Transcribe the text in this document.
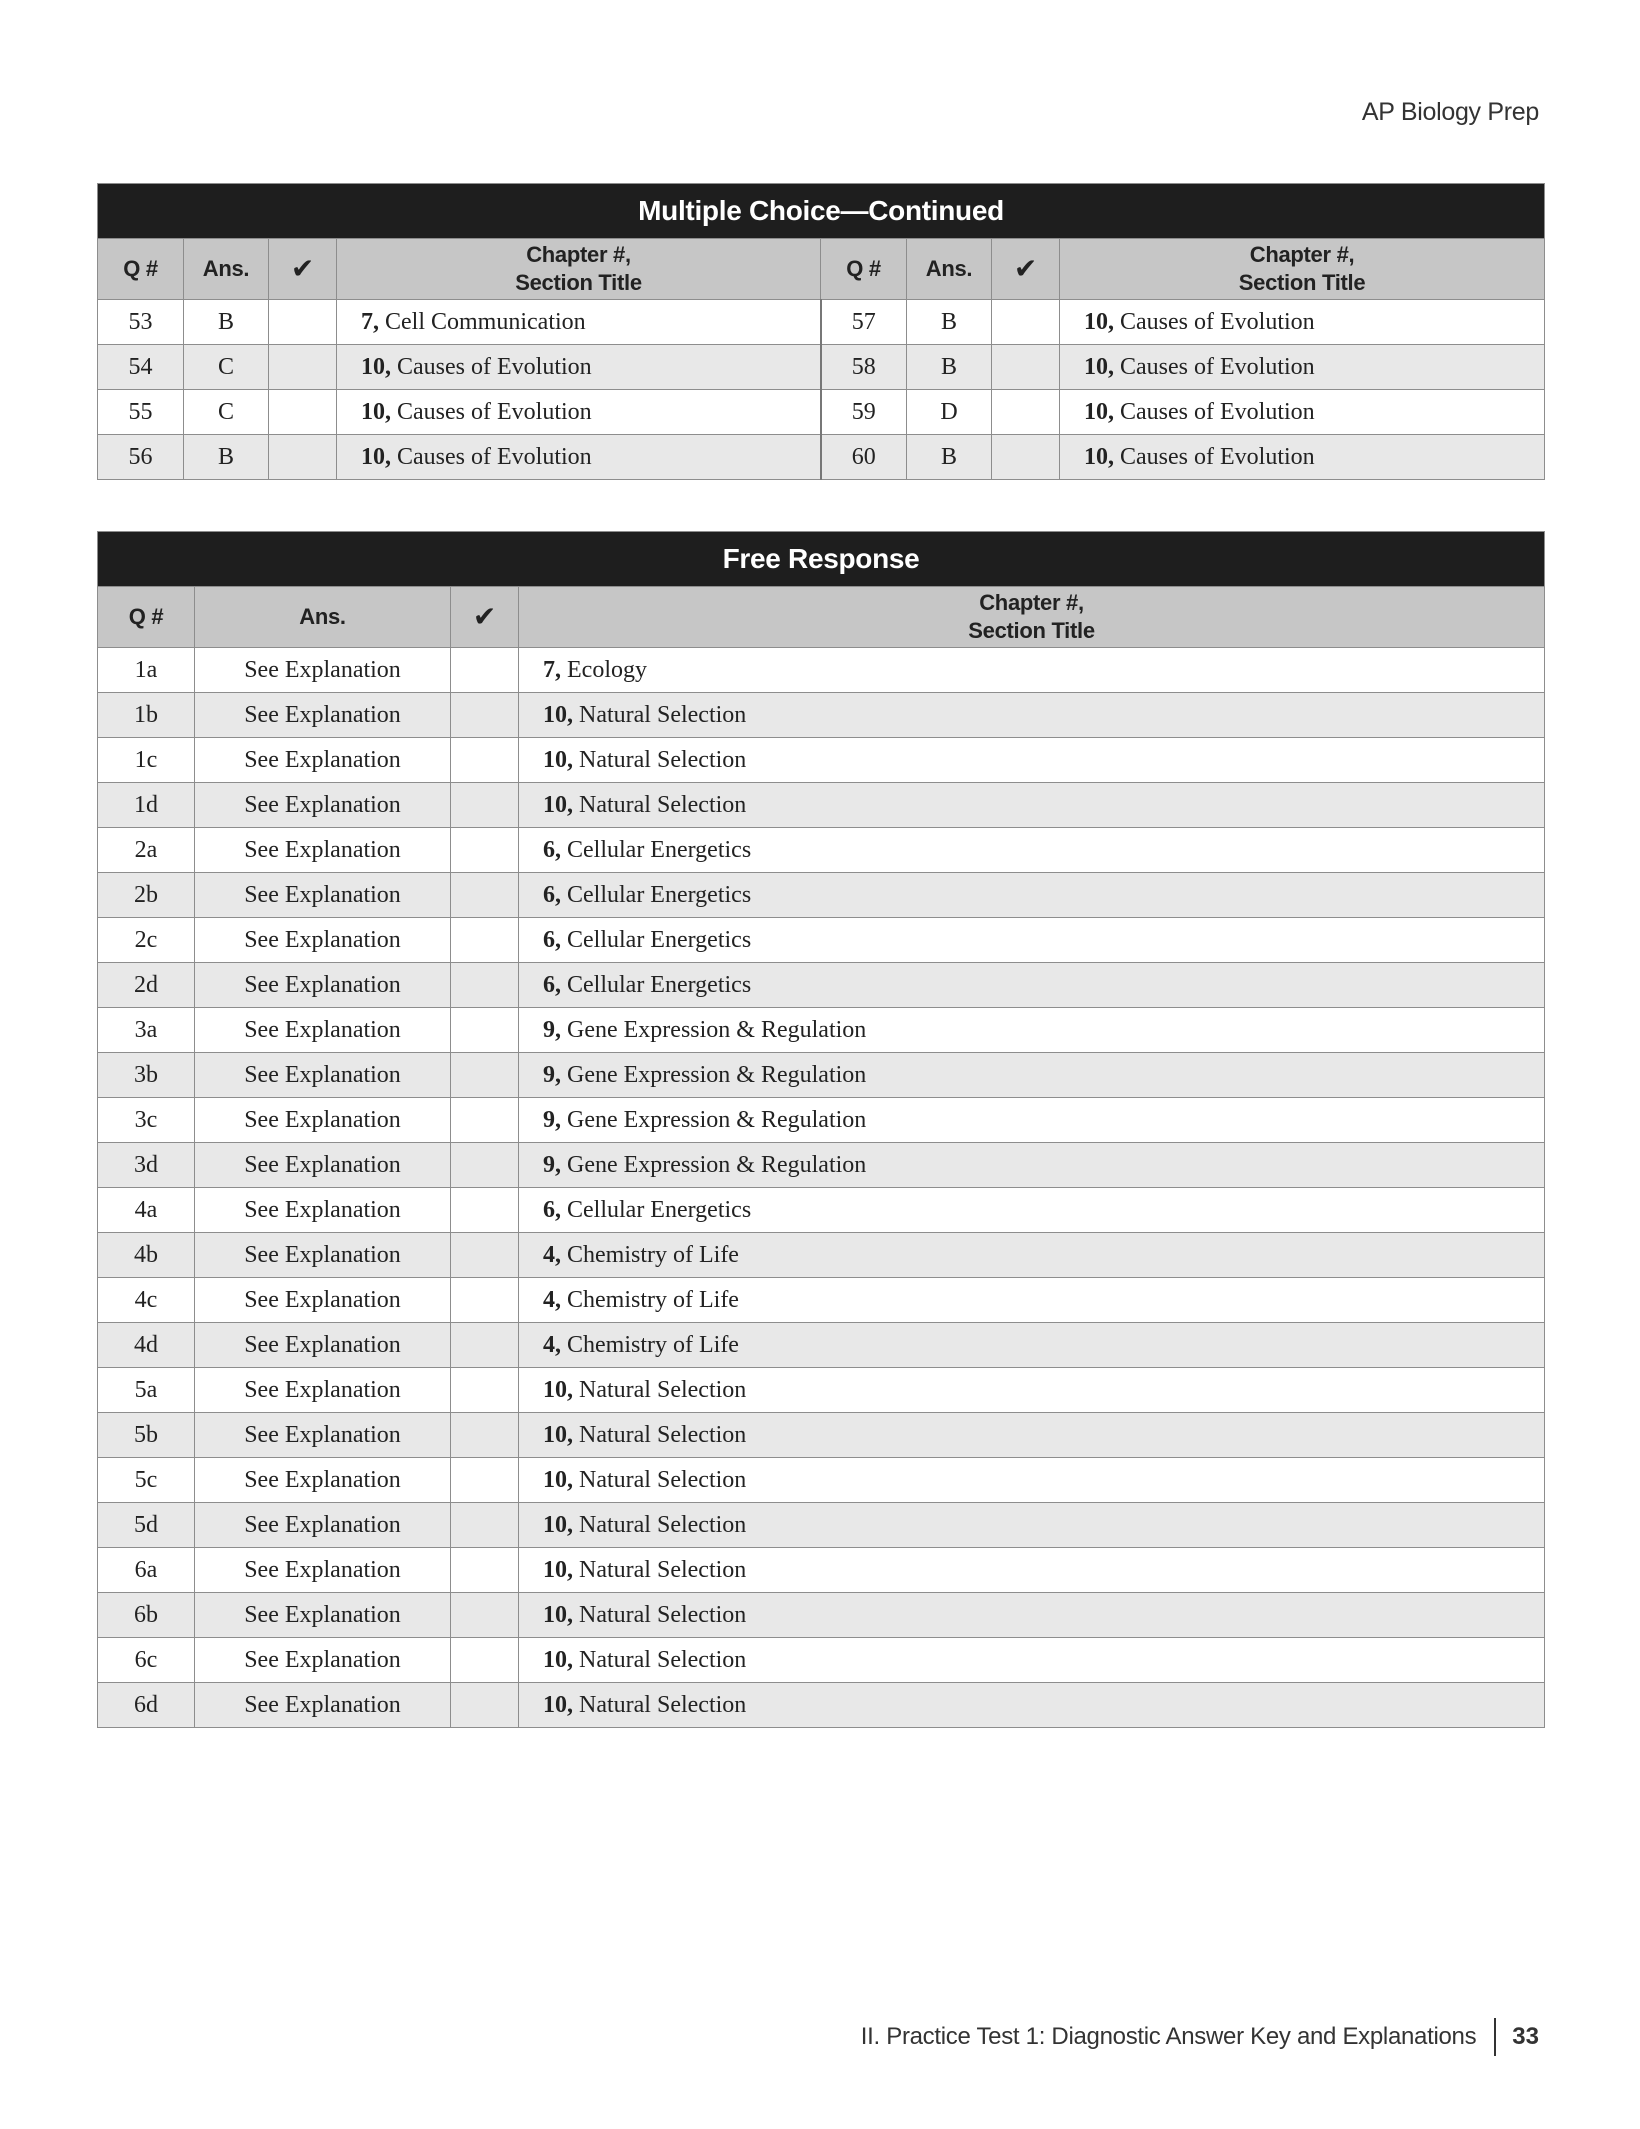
AP Biology Prep
Multiple Choice—Continued							
Q #	Ans.	✔	Chapter #,
Section Title	Q #	Ans.	✔	Chapter #,
Section Title
53	B		7, Cell Communication	57	B		10, Causes of Evolution
54	C		10, Causes of Evolution	58	B		10, Causes of Evolution
55	C		10, Causes of Evolution	59	D		10, Causes of Evolution
56	B		10, Causes of Evolution	60	B		10, Causes of Evolution
Free Response			
Q #	Ans.	✔	Chapter #,
Section Title
1a	See Explanation		7, Ecology
1b	See Explanation		10, Natural Selection
1c	See Explanation		10, Natural Selection
1d	See Explanation		10, Natural Selection
2a	See Explanation		6, Cellular Energetics
2b	See Explanation		6, Cellular Energetics
2c	See Explanation		6, Cellular Energetics
2d	See Explanation		6, Cellular Energetics
3a	See Explanation		9, Gene Expression & Regulation
3b	See Explanation		9, Gene Expression & Regulation
3c	See Explanation		9, Gene Expression & Regulation
3d	See Explanation		9, Gene Expression & Regulation
4a	See Explanation		6, Cellular Energetics
4b	See Explanation		4, Chemistry of Life
4c	See Explanation		4, Chemistry of Life
4d	See Explanation		4, Chemistry of Life
5a	See Explanation		10, Natural Selection
5b	See Explanation		10, Natural Selection
5c	See Explanation		10, Natural Selection
5d	See Explanation		10, Natural Selection
6a	See Explanation		10, Natural Selection
6b	See Explanation		10, Natural Selection
6c	See Explanation		10, Natural Selection
6d	See Explanation		10, Natural Selection
II. Practice Test 1: Diagnostic Answer Key and Explanations 33
